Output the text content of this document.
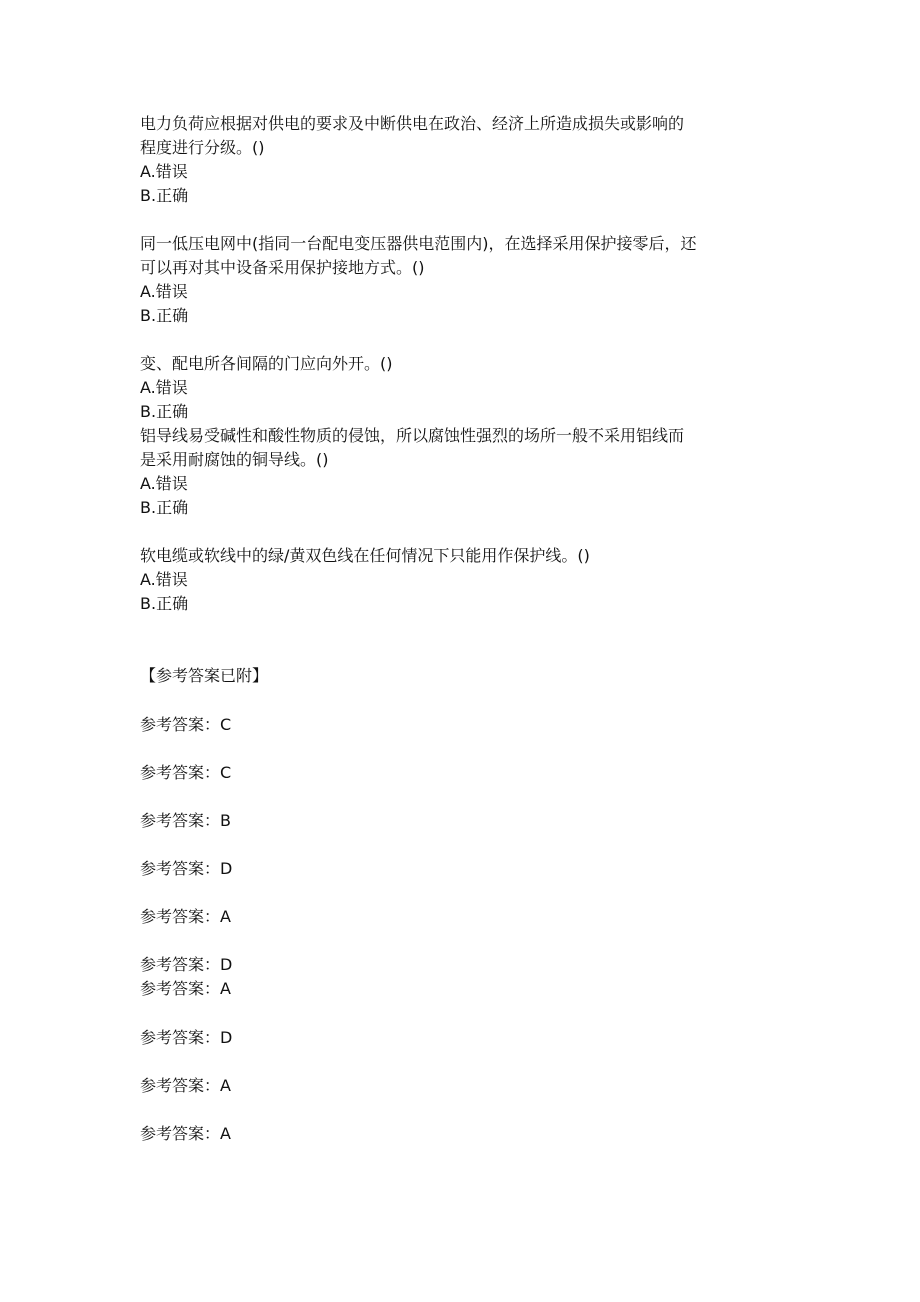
电力负荷应根据对供电的要求及中断供电在政治、经济上所造成损失或影响的
程度进行分级。()
A.错误
B.正确
同一低压电网中(指同一台配电变压器供电范围内)，在选择采用保护接零后，还
可以再对其中设备采用保护接地方式。()
A.错误
B.正确
变、配电所各间隔的门应向外开。()
A.错误
B.正确
铝导线易受碱性和酸性物质的侵蚀，所以腐蚀性强烈的场所一般不采用铝线而
是采用耐腐蚀的铜导线。()
A.错误
B.正确
软电缆或软线中的绿/黄双色线在任何情况下只能用作保护线。()
A.错误
B.正确
【参考答案已附】
参考答案：C
参考答案：C
参考答案：B
参考答案：D
参考答案：A
参考答案：D
参考答案：A
参考答案：D
参考答案：A
参考答案：A
